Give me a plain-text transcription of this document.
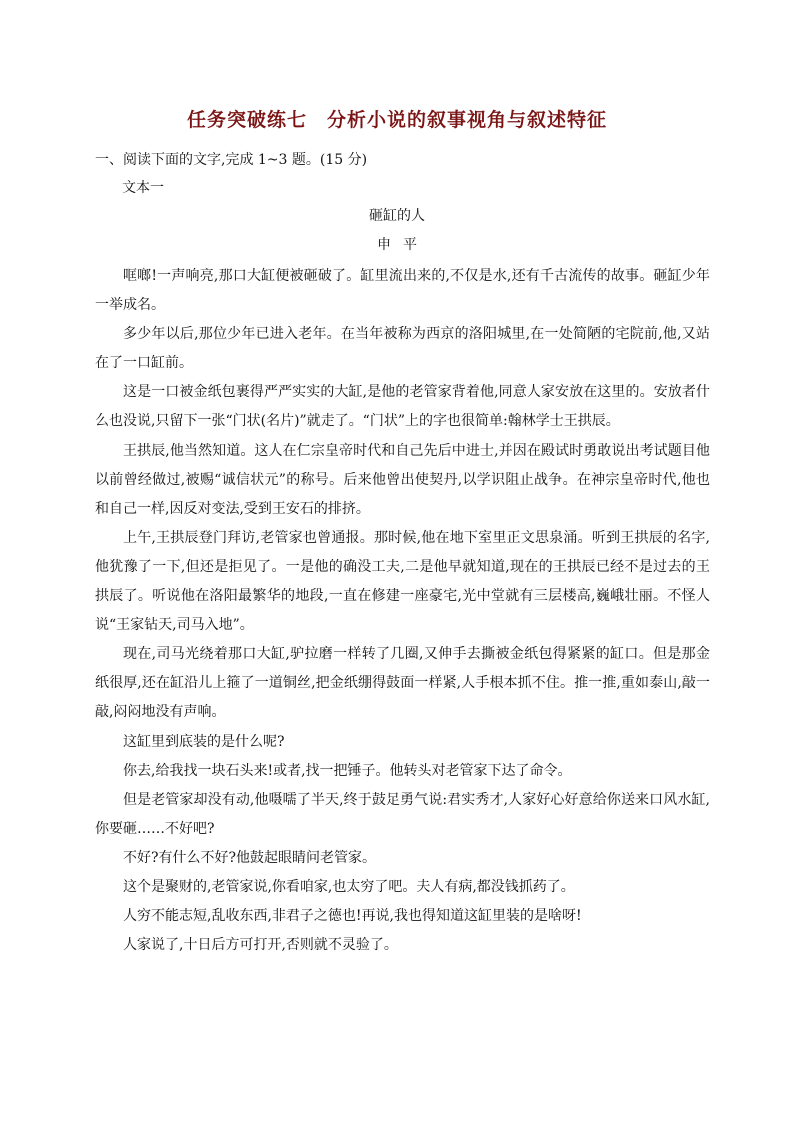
任务突破练七　分析小说的叙事视角与叙述特征
一、阅读下面的文字,完成 1~3 题。(15 分)
文本一
砸缸的人
申平

哐啷!一声响亮,那口大缸便被砸破了。缸里流出来的,不仅是水,还有千古流传的故事。砸缸少年一举成名。

多少年以后,那位少年已进入老年。在当年被称为西京的洛阳城里,在一处简陋的宅院前,他,又站在了一口缸前。

这是一口被金纸包裹得严严实实的大缸,是他的老管家背着他,同意人家安放在这里的。安放者什么也没说,只留下一张“门状(名片)”就走了。“门状”上的字也很简单:翰林学士王拱辰。

王拱辰,他当然知道。这人在仁宗皇帝时代和自己先后中进士,并因在殿试时勇敢说出考试题目他以前曾经做过,被赐“诚信状元”的称号。后来他曾出使契丹,以学识阻止战争。在神宗皇帝时代,他也和自己一样,因反对变法,受到王安石的排挤。

上午,王拱辰登门拜访,老管家也曾通报。那时候,他在地下室里正文思泉涌。听到王拱辰的名字,他犹豫了一下,但还是拒见了。一是他的确没工夫,二是他早就知道,现在的王拱辰已经不是过去的王拱辰了。听说他在洛阳最繁华的地段,一直在修建一座豪宅,光中堂就有三层楼高,巍峨壮丽。不怪人说“王家钻天,司马入地”。

现在,司马光绕着那口大缸,驴拉磨一样转了几圈,又伸手去撕被金纸包得紧紧的缸口。但是那金纸很厚,还在缸沿儿上箍了一道铜丝,把金纸绷得鼓面一样紧,人手根本抓不住。推一推,重如泰山,敲一敲,闷闷地没有声响。

这缸里到底装的是什么呢?

你去,给我找一块石头来!或者,找一把锤子。他转头对老管家下达了命令。

但是老管家却没有动,他嗫嚅了半天,终于鼓足勇气说:君实秀才,人家好心好意给你送来口风水缸,你要砸……不好吧?

不好?有什么不好?他鼓起眼睛问老管家。

这个是聚财的,老管家说,你看咱家,也太穷了吧。夫人有病,都没钱抓药了。

人穷不能志短,乱收东西,非君子之德也!再说,我也得知道这缸里装的是啥呀!

人家说了,十日后方可打开,否则就不灵验了。
